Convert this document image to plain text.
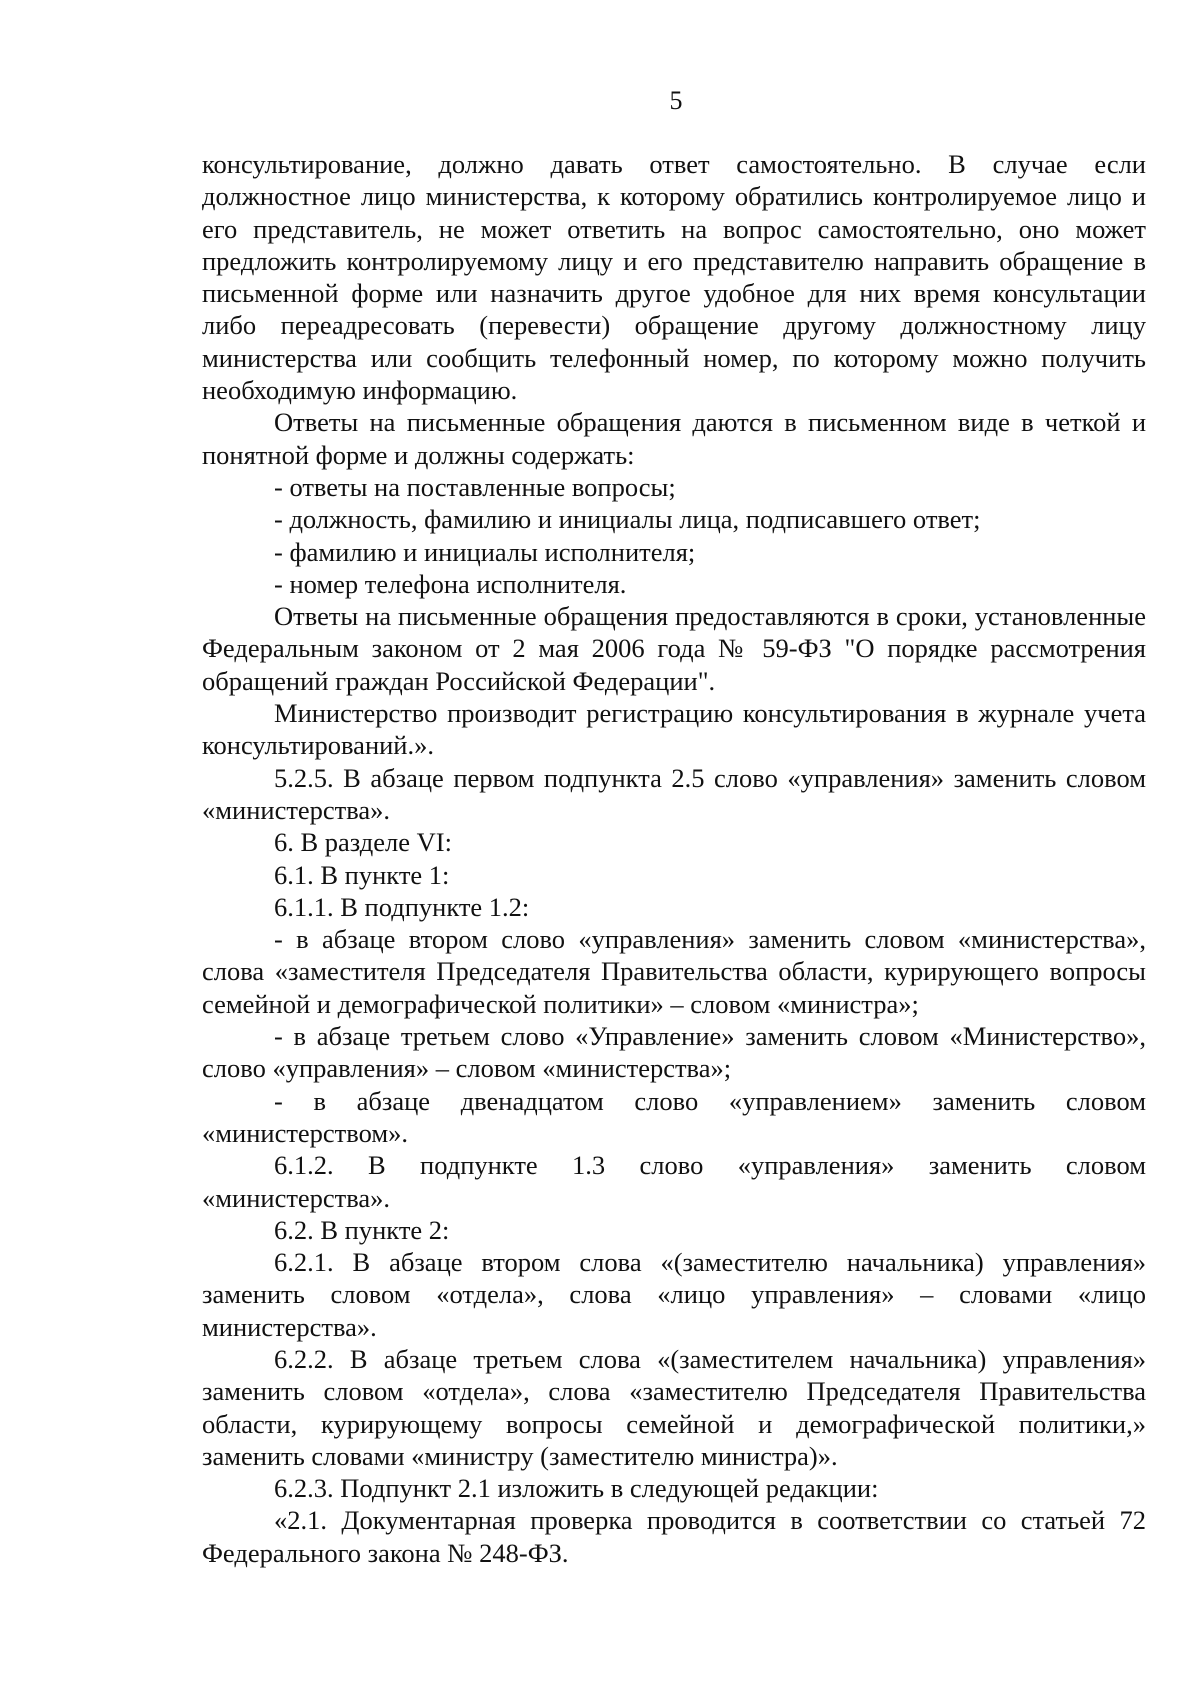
5

консультирование, должно давать ответ самостоятельно. В случае если должностное лицо министерства, к которому обратились контролируемое лицо и его представитель, не может ответить на вопрос самостоятельно, оно может предложить контролируемому лицу и его представителю направить обращение в письменной форме или назначить другое удобное для них время консультации либо переадресовать (перевести) обращение другому должностному лицу министерства или сообщить телефонный номер, по которому можно получить необходимую информацию.

Ответы на письменные обращения даются в письменном виде в четкой и понятной форме и должны содержать:

- ответы на поставленные вопросы;

- должность, фамилию и инициалы лица, подписавшего ответ;

- фамилию и инициалы исполнителя;

- номер телефона исполнителя.

Ответы на письменные обращения предоставляются в сроки, установленные Федеральным законом от 2 мая 2006 года № 59-ФЗ "О порядке рассмотрения обращений граждан Российской Федерации".

Министерство производит регистрацию консультирования в журнале учета консультирований.».

5.2.5. В абзаце первом подпункта 2.5 слово «управления» заменить словом «министерства».

6. В разделе VI:

6.1. В пункте 1:

6.1.1. В подпункте 1.2:

- в абзаце втором слово «управления» заменить словом «министерства», слова «заместителя Председателя Правительства области, курирующего вопросы семейной и демографической политики» – словом «министра»;

- в абзаце третьем слово «Управление» заменить словом «Министерство», слово «управления» – словом «министерства»;

- в абзаце двенадцатом слово «управлением» заменить словом «министерством».

6.1.2. В подпункте 1.3 слово «управления» заменить словом «министерства».

6.2. В пункте 2:

6.2.1. В абзаце втором слова «(заместителю начальника) управления» заменить словом «отдела», слова «лицо управления» – словами «лицо министерства».

6.2.2. В абзаце третьем слова «(заместителем начальника) управления» заменить словом «отдела», слова «заместителю Председателя Правительства области, курирующему вопросы семейной и демографической политики,» заменить словами «министру (заместителю министра)».

6.2.3. Подпункт 2.1 изложить в следующей редакции:

«2.1. Документарная проверка проводится в соответствии со статьей 72 Федерального закона № 248-ФЗ.
